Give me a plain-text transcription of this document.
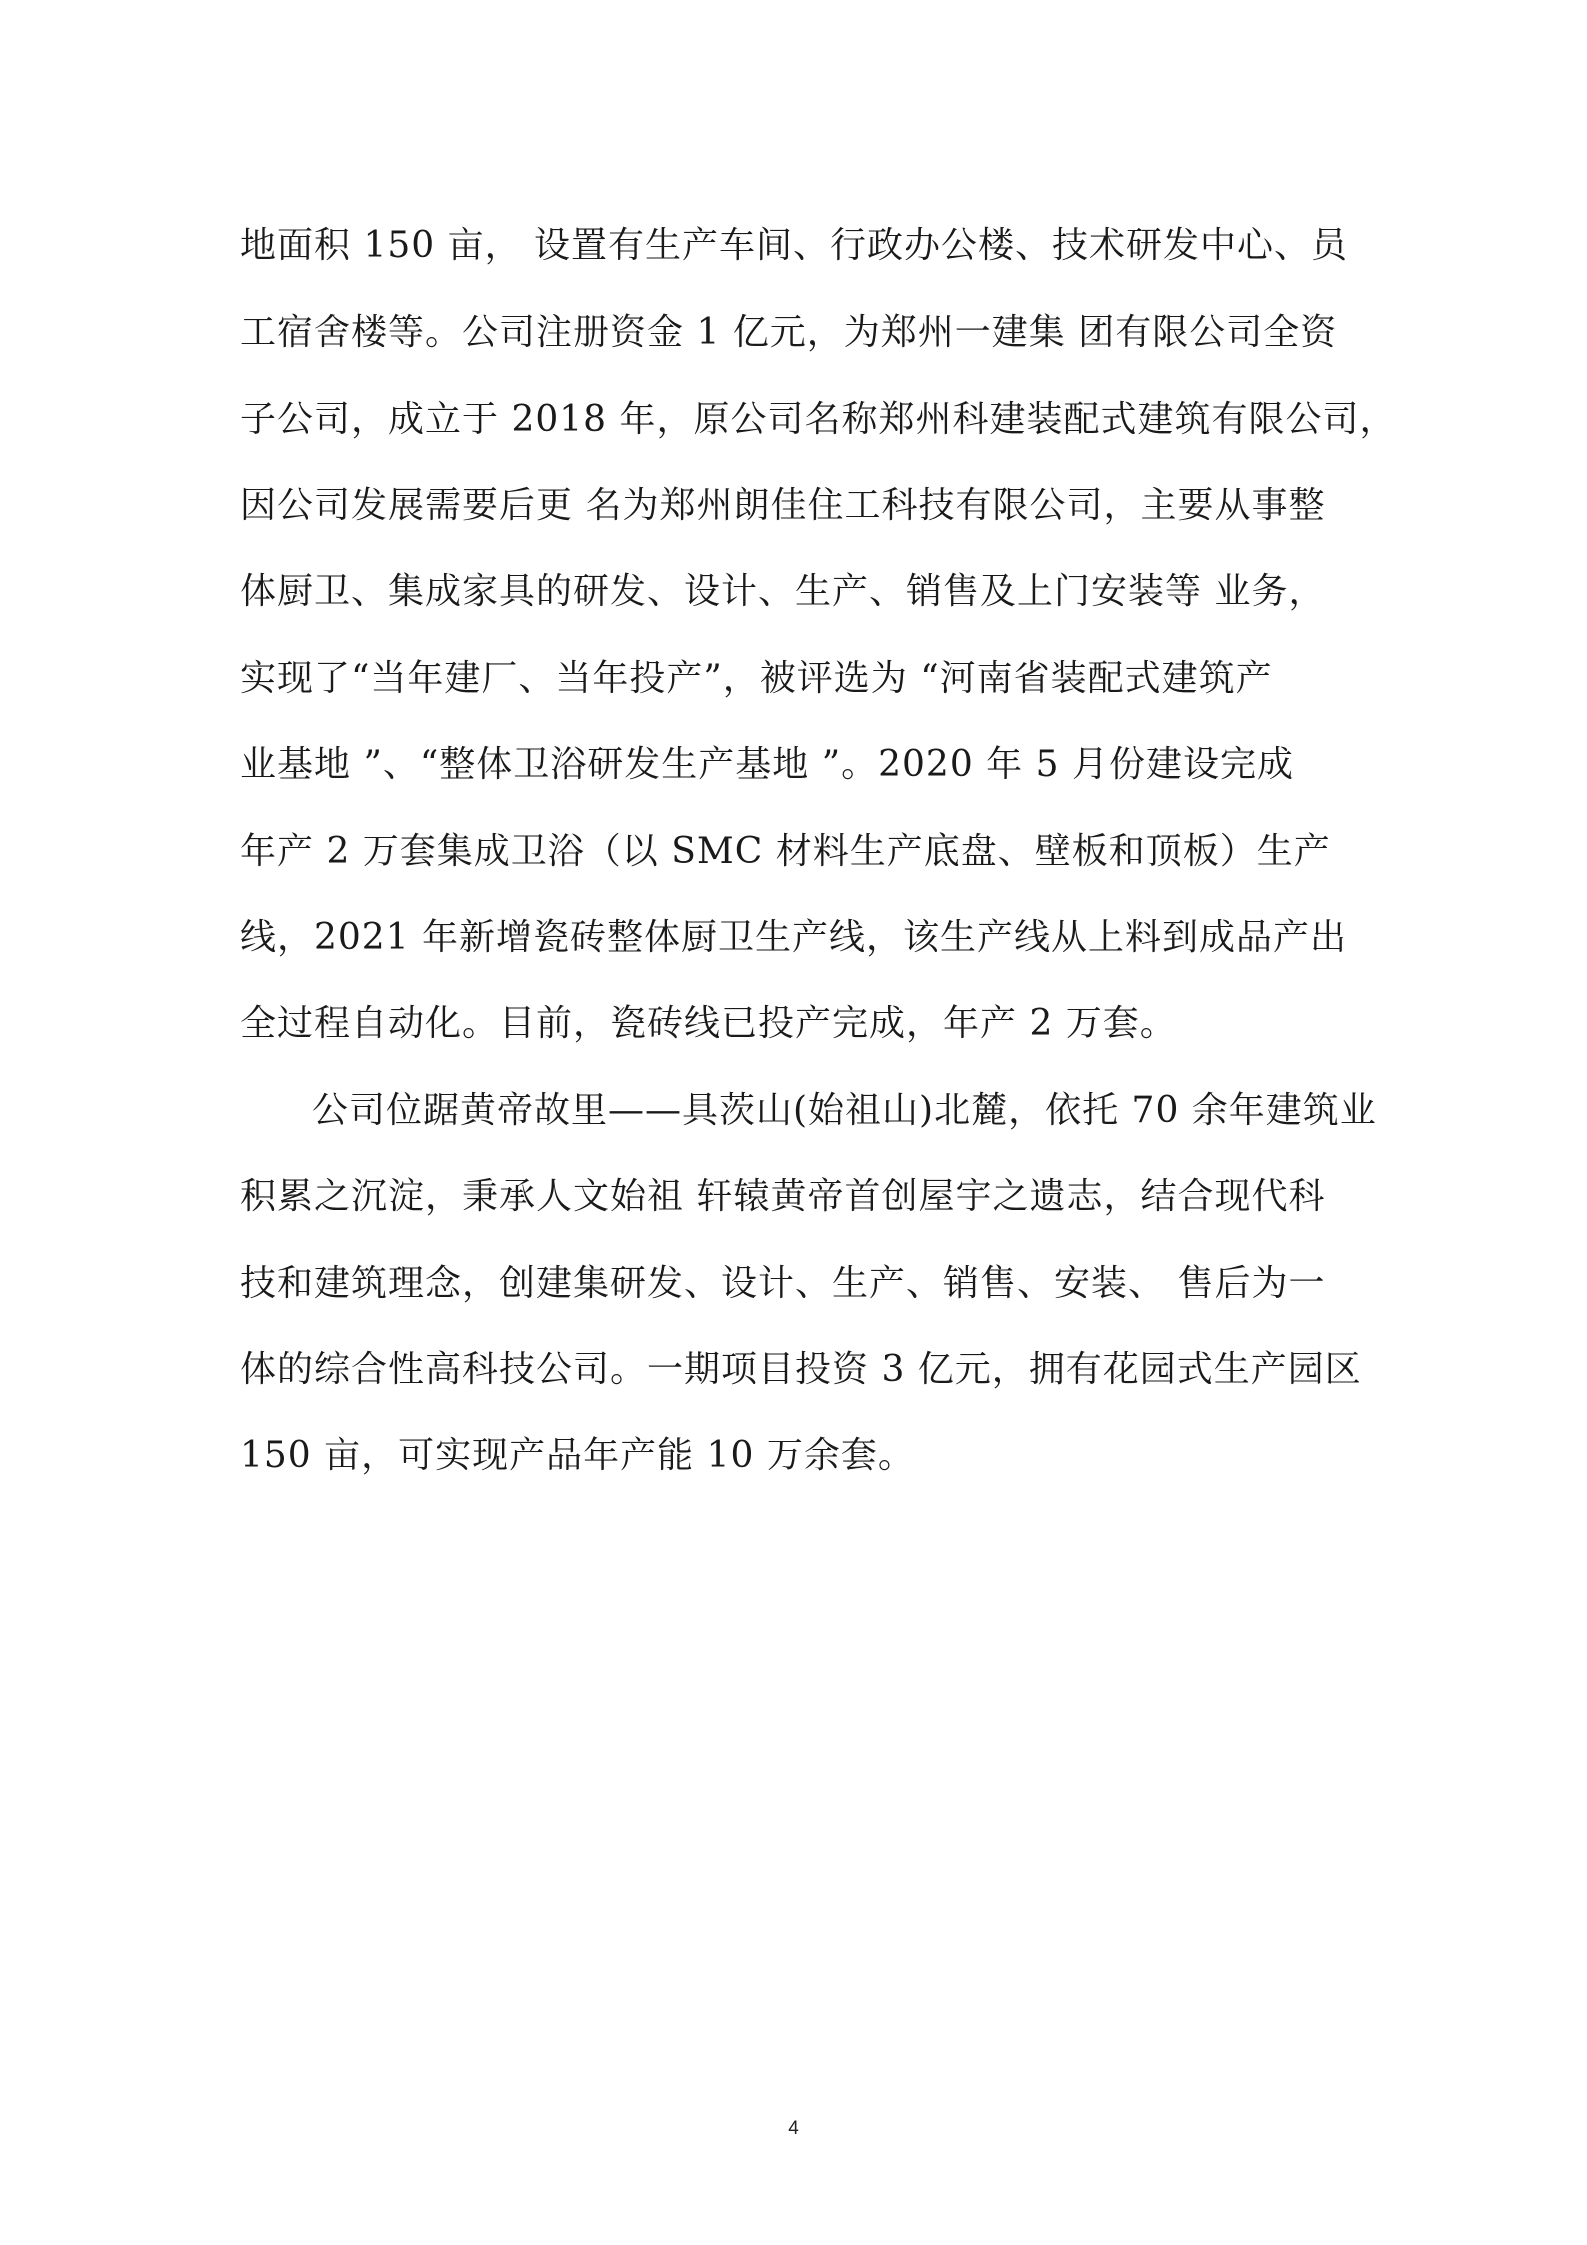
地面积 150 亩， 设置有生产车间、行政办公楼、技术研发中心、员
工宿舍楼等。公司注册资金 1 亿元，为郑州一建集 团有限公司全资
子公司，成立于 2018 年，原公司名称郑州科建装配式建筑有限公司，
因公司发展需要后更 名为郑州朗佳住工科技有限公司，主要从事整
体厨卫、集成家具的研发、设计、生产、销售及上门安装等 业务，
实现了“当年建厂、当年投产”，被评选为 “河南省装配式建筑产
业基地 ”、“整体卫浴研发生产基地 ”。2020 年 5 月份建设完成
年产 2 万套集成卫浴（以 SMC 材料生产底盘、壁板和顶板）生产
线，2021 年新增瓷砖整体厨卫生产线，该生产线从上料到成品产出
全过程自动化。目前，瓷砖线已投产完成，年产 2 万套。
公司位踞黄帝故里——具茨山(始祖山)北麓，依托 70 余年建筑业
积累之沉淀，秉承人文始祖 轩辕黄帝首创屋宇之遗志，结合现代科
技和建筑理念，创建集研发、设计、生产、销售、安装、 售后为一
体的综合性高科技公司。一期项目投资 3 亿元，拥有花园式生产园区
150 亩，可实现产品年产能 10 万余套。
4
